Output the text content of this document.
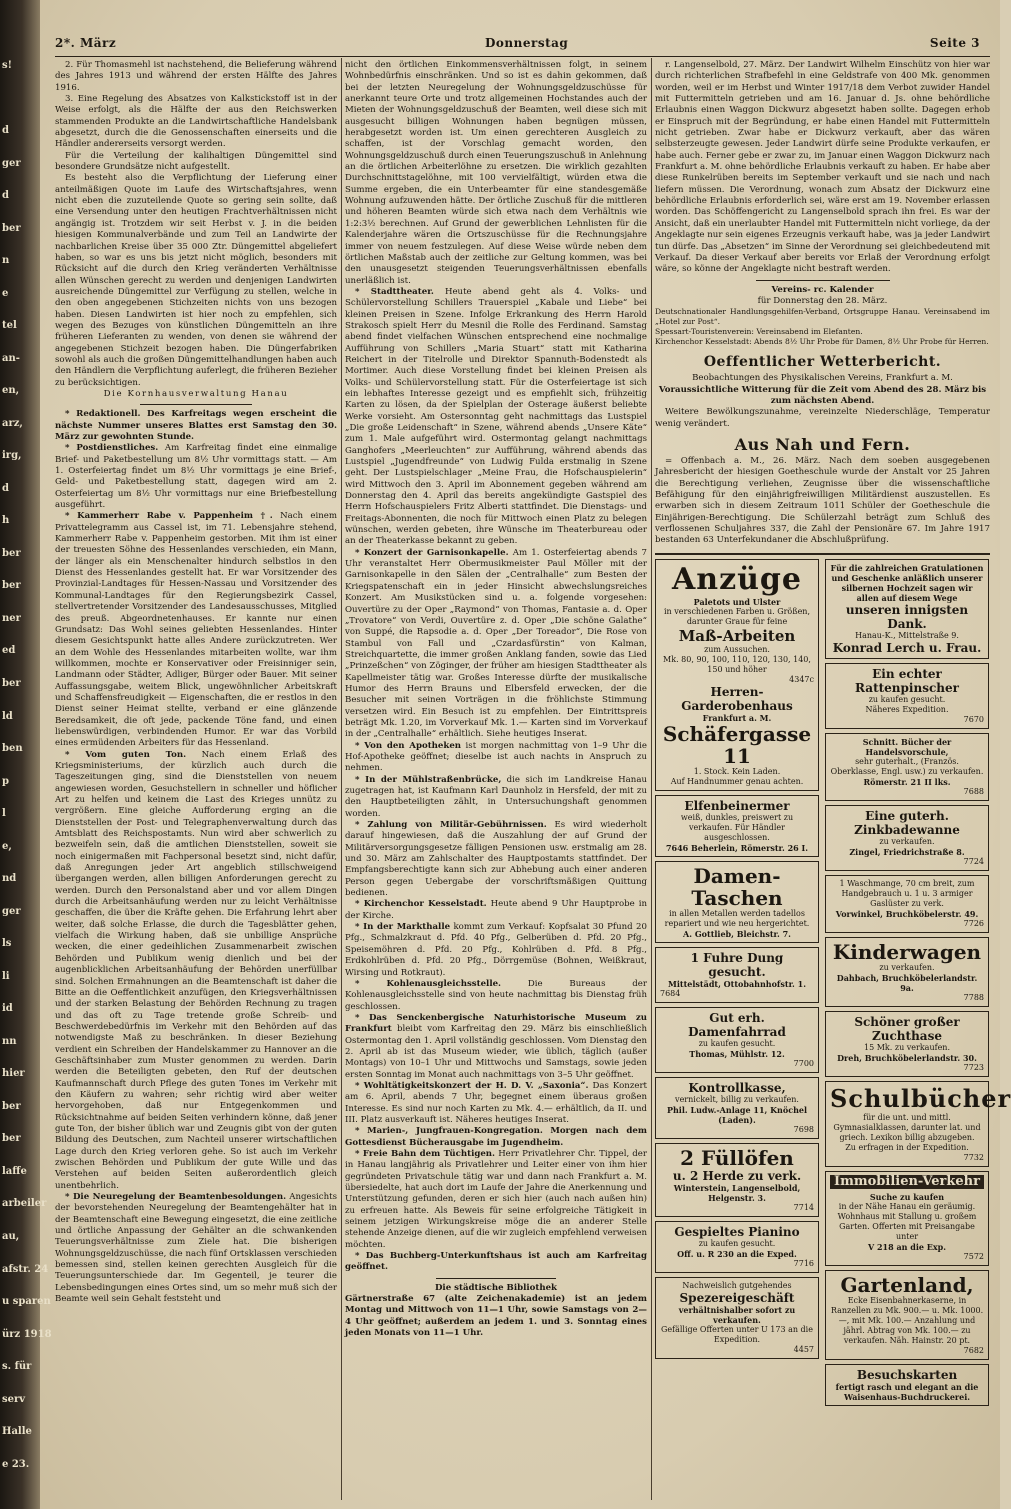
s!
d
ger
d
ber
n
e
tel
an-
en,
arz,
irg,
d
h
ber
ber
ner
ed
ber
ld
ben
p
l
e,
nd
ger
ls
li
id
nn
hier
ber
ber
laffe
arbeiler
au,
afstr. 24
u sparen
ürz 1918
s. für
serv
Halle
e 23.
2*. März	Donnerstag	Seite 3

2. Für Thomasmehl ist nachstehend, die Belieferung während des Jahres 1913 und während der ersten Hälfte des Jahres 1916.

3. Eine Regelung des Absatzes von Kalkstickstoff ist in der Weise erfolgt, als die Hälfte der aus den Reichswerken stammenden Produkte an die Landwirtschaftliche Handelsbank abgesetzt, durch die die Genossenschaften einerseits und die Händler andererseits versorgt werden.

Für die Verteilung der kalihaltigen Düngemittel sind besondere Grundsätze nicht aufgestellt.

Es besteht also die Verpflichtung der Lieferung einer anteilmäßigen Quote im Laufe des Wirtschaftsjahres, wenn nicht eben die zuzuteilende Quote so gering sein sollte, daß eine Versendung unter den heutigen Frachtverhältnissen nicht angängig ist. Trotzdem wir seit Herbst v. J. in die beiden hiesigen Kommunalverbände und zum Teil an Landwirte der nachbarlichen Kreise über 35 000 Ztr. Düngemittel abgeliefert haben, so war es uns bis jetzt nicht möglich, besonders mit Rücksicht auf die durch den Krieg veränderten Verhältnisse allen Wünschen gerecht zu werden und denjenigen Landwirten ausreichende Düngemittel zur Verfügung zu stellen, welche in den oben angegebenen Stichzeiten nichts von uns bezogen haben. Diesen Landwirten ist hier noch zu empfehlen, sich wegen des Bezuges von künstlichen Düngemitteln an ihre früheren Lieferanten zu wenden, von denen sie während der angegebenen Stichzeit bezogen haben. Die Düngerfabriken sowohl als auch die großen Düngemittelhandlungen haben auch den Händlern die Verpflichtung auferlegt, die früheren Bezieher zu berücksichtigen.

Die Kornhausverwaltung Hanau

* Redaktionell. Des Karfreitags wegen erscheint die nächste Nummer unseres Blattes erst Samstag den 30. März zur gewohnten Stunde.

* Postdienstliches. Am Karfreitag findet eine einmalige Brief- und Paketbestellung um 8½ Uhr vormittags statt. — Am 1. Osterfeiertag findet um 8½ Uhr vormittags je eine Brief-, Geld- und Paketbestellung statt, dagegen wird am 2. Osterfeiertag um 8½ Uhr vormittags nur eine Briefbestellung ausgeführt.

* Kammerherr Rabe v. Pappenheim †. Nach einem Privattelegramm aus Cassel ist, im 71. Lebensjahre stehend, Kammerherr Rabe v. Pappenheim gestorben. Mit ihm ist einer der treuesten Söhne des Hessenlandes verschieden, ein Mann, der länger als ein Menschenalter hindurch selbstlos in den Dienst des Hessenlandes gestellt hat. Er war Vorsitzender des Provinzial-Landtages für Hessen-Nassau und Vorsitzender des Kommunal-Landtages für den Regierungsbezirk Cassel, stellvertretender Vorsitzender des Landesausschusses, Mitglied des preuß. Abgeordnetenhauses. Er kannte nur einen Grundsatz: Das Wohl seines geliebten Hessenlandes. Hinter diesem Gesichtspunkt hatte alles Andere zurückzutreten. Wer an dem Wohle des Hessenlandes mitarbeiten wollte, war ihm willkommen, mochte er Konservativer oder Freisinniger sein, Landmann oder Städter, Adliger, Bürger oder Bauer. Mit seiner Auffassungsgabe, weitem Blick, ungewöhnlicher Arbeitskraft und Schaffensfreudigkeit — Eigenschaften, die er restlos in den Dienst seiner Heimat stellte, verband er eine glänzende Beredsamkeit, die oft jede, packende Töne fand, und einen liebenswürdigen, verbindenden Humor. Er war das Vorbild eines ermüdenden Arbeiters für das Hessenland.

* Vom guten Ton. Nach einem Erlaß des Kriegsministeriums, der kürzlich auch durch die Tageszeitungen ging, sind die Dienststellen von neuem angewiesen worden, Gesuchstellern in schneller und höflicher Art zu helfen und keinem die Last des Krieges unnütz zu vergrößern. Eine gleiche Aufforderung erging an die Dienststellen der Post- und Telegraphenverwaltung durch das Amtsblatt des Reichspostamts. Nun wird aber schwerlich zu bezweifeln sein, daß die amtlichen Dienststellen, soweit sie noch einigermaßen mit Fachpersonal besetzt sind, nicht dafür, daß Anregungen jeder Art angeblich stillschweigend übergangen werden, allen billigen Anforderungen gerecht zu werden. Durch den Personalstand aber und vor allem Dingen durch die Arbeitsanhäufung werden nur zu leicht Verhältnisse geschaffen, die über die Kräfte gehen. Die Erfahrung lehrt aber weiter, daß solche Erlasse, die durch die Tagesblätter gehen, vielfach die Wirkung haben, daß sie unbillige Ansprüche wecken, die einer gedeihlichen Zusammenarbeit zwischen Behörden und Publikum wenig dienlich und bei der augenblicklichen Arbeitsanhäufung der Behörden unerfüllbar sind. Solchen Ermahnungen an die Beamtenschaft ist daher die Bitte an die Oeffentlichkeit anzufügen, den Kriegsverhältnissen und der starken Belastung der Behörden Rechnung zu tragen und das oft zu Tage tretende große Schreib- und Beschwerdebedürfnis im Verkehr mit den Behörden auf das notwendigste Maß zu beschränken. In dieser Beziehung verdient ein Schreiben der Handelskammer zu Hannover an die Geschäftsinhaber zum Muster genommen zu werden. Darin werden die Beteiligten gebeten, den Ruf der deutschen Kaufmannschaft durch Pflege des guten Tones im Verkehr mit den Käufern zu wahren; sehr richtig wird aber weiter hervorgehoben, daß nur Entgegenkommen und Rücksichtnahme auf beiden Seiten verhindern könne, daß jener gute Ton, der bisher üblich war und Zeugnis gibt von der guten Bildung des Deutschen, zum Nachteil unserer wirtschaftlichen Lage durch den Krieg verloren gehe. So ist auch im Verkehr zwischen Behörden und Publikum der gute Wille und das Verstehen auf beiden Seiten außerordentlich gleich unentbehrlich.

* Die Neuregelung der Beamtenbesoldungen. Angesichts der bevorstehenden Neuregelung der Beamtengehälter hat in der Beamtenschaft eine Bewegung eingesetzt, die eine zeitliche und örtliche Anpassung der Gehälter an die schwankenden Teuerungsverhältnisse zum Ziele hat. Die bisherigen Wohnungsgeldzuschüsse, die nach fünf Ortsklassen verschieden bemessen sind, stellen keinen gerechten Ausgleich für die Teuerungsunterschiede dar. Im Gegenteil, je teurer die Lebensbedingungen eines Ortes sind, um so mehr muß sich der Beamte weil sein Gehalt feststeht und

nicht den örtlichen Einkommensverhältnissen folgt, in seinem Wohnbedürfnis einschränken. Und so ist es dahin gekommen, daß bei der letzten Neuregelung der Wohnungsgeldzuschüsse für anerkannt teure Orte und trotz allgemeinen Hochstandes auch der Mieten der Wohnungsgeldzuschuß der Beamten, weil diese sich mit ausgesucht billigen Wohnungen haben begnügen müssen, herabgesetzt worden ist. Um einen gerechteren Ausgleich zu schaffen, ist der Vorschlag gemacht worden, den Wohnungsgeldzuschuß durch einen Teuerungszuschuß in Anlehnung an die örtlichen Arbeiterlöhne zu ersetzen. Die wirklich gezahlten Durchschnittstagelöhne, mit 100 vervielfältigt, würden etwa die Summe ergeben, die ein Unterbeamter für eine standesgemäße Wohnung aufzuwenden hätte. Der örtliche Zuschuß für die mittleren und höheren Beamten würde sich etwa nach dem Verhältnis wie 1:2:3½ berechnen. Auf Grund der gewerblichen Lehnlisten für die Kalenderjahre wären die Ortszuschüsse für die Rechnungsjahre immer von neuem festzulegen. Auf diese Weise würde neben dem örtlichen Maßstab auch der zeitliche zur Geltung kommen, was bei den unausgesetzt steigenden Teuerungsverhältnissen ebenfalls unerläßlich ist.

* Stadttheater. Heute abend geht als 4. Volks- und Schülervorstellung Schillers Trauerspiel „Kabale und Liebe“ bei kleinen Preisen in Szene. Infolge Erkrankung des Herrn Harold Strakosch spielt Herr du Mesnil die Rolle des Ferdinand. Samstag abend findet vielfachen Wünschen entsprechend eine nochmalige Aufführung von Schillers „Maria Stuart“ statt mit Katharina Reichert in der Titelrolle und Direktor Spannuth-Bodenstedt als Mortimer. Auch diese Vorstellung findet bei kleinen Preisen als Volks- und Schülervorstellung statt. Für die Osterfeiertage ist sich ein lebhaftes Interesse gezeigt und es empfiehlt sich, frühzeitig Karten zu lösen, da der Spielplan der Osterage äußerst beliebte Werke vorsieht. Am Ostersonntag geht nachmittags das Lustspiel „Die große Leidenschaft“ in Szene, während abends „Unsere Käte“ zum 1. Male aufgeführt wird. Ostermontag gelangt nachmittags Ganghofers „Meerleuchten“ zur Aufführung, während abends das Lustspiel „Jugendfreunde“ von Ludwig Fulda erstmalig in Szene geht. Der Lustspielschlager „Meine Frau, die Hofschauspielerin“ wird Mittwoch den 3. April im Abonnement gegeben während am Donnerstag den 4. April das bereits angekündigte Gastspiel des Herrn Hofschauspielers Fritz Alberti stattfindet. Die Dienstags- und Freitags-Abonnenten, die noch für Mittwoch einen Platz zu belegen wünschen, werden gebeten, ihre Wünsche im Theaterbureau oder an der Theaterkasse bekannt zu geben.

* Konzert der Garnisonkapelle. Am 1. Osterfeiertag abends 7 Uhr veranstaltet Herr Obermusikmeister Paul Möller mit der Garnisonkapelle in den Sälen der „Centralhalle“ zum Besten der Kriegspatenschaft ein in jeder Hinsicht abwechslungsreiches Konzert. Am Musikstücken sind u. a. folgende vorgesehen: Ouvertüre zu der Oper „Raymond“ von Thomas, Fantasie a. d. Oper „Trovatore“ von Verdi, Ouvertüre z. d. Oper „Die schöne Galathe“ von Suppé, die Rapsodie a. d. Oper „Der Toreador“, Die Rose von Stambul von Fall und „Czardasfürstin“ von Kalman, Streichquartette, die immer großen Anklang fanden, sowie das Lied „Prinzeßchen“ von Zöginger, der früher am hiesigen Stadttheater als Kapellmeister tätig war. Großes Interesse dürfte der musikalische Humor des Herrn Brauns und Elbersfeld erwecken, der die Besucher mit seinen Vorträgen in die fröhlichste Stimmung versetzen wird. Ein Besuch ist zu empfehlen. Der Eintrittspreis beträgt Mk. 1.20, im Vorverkauf Mk. 1.— Karten sind im Vorverkauf in der „Centralhalle“ erhältlich. Siehe heutiges Inserat.

* Von den Apotheken ist morgen nachmittag von 1–9 Uhr die Hof-Apotheke geöffnet; dieselbe ist auch nachts in Anspruch zu nehmen.

* In der Mühlstraßenbrücke, die sich im Landkreise Hanau zugetragen hat, ist Kaufmann Karl Daunholz in Hersfeld, der mit zu den Hauptbeteiligten zählt, in Untersuchungshaft genommen worden.

* Zahlung von Militär-Gebührnissen. Es wird wiederholt darauf hingewiesen, daß die Auszahlung der auf Grund der Militärversorgungsgesetze fälligen Pensionen usw. erstmalig am 28. und 30. März am Zahlschalter des Hauptpostamts stattfindet. Der Empfangsberechtigte kann sich zur Abhebung auch einer anderen Person gegen Uebergabe der vorschriftsmäßigen Quittung bedienen.

* Kirchenchor Kesselstadt. Heute abend 9 Uhr Hauptprobe in der Kirche.

* In der Markthalle kommt zum Verkauf: Kopfsalat 30 Pfund 20 Pfg., Schmalzkraut d. Pfd. 40 Pfg., Gelberüben d. Pfd. 20 Pfg., Speisemöhren d. Pfd. 20 Pfg., Kohlrüben d. Pfd. 8 Pfg., Erdkohlrüben d. Pfd. 20 Pfg., Dörrgemüse (Bohnen, Weißkraut, Wirsing und Rotkraut).

* Kohlenausgleichsstelle.	Die Bureaus der Kohlenausgleichsstelle sind von heute nachmittag bis Dienstag früh geschlossen.

* Das Senckenbergische Naturhistorische Museum zu Frankfurt bleibt vom Karfreitag den 29. März bis einschließlich Ostermontag den 1. April vollständig geschlossen. Vom Dienstag den 2. April ab ist das Museum wieder, wie üblich, täglich (außer Montags) von 10–1 Uhr und Mittwochs und Samstags, sowie jeden ersten Sonntag im Monat auch nachmittags von 3–5 Uhr geöffnet.

* Wohltätigkeitskonzert der H. D. V. „Saxonia“. Das Konzert am 6. April, abends 7 Uhr, begegnet einem überaus großen Interesse. Es sind nur noch Karten zu Mk. 4.— erhältlich, da II. und III. Platz ausverkauft ist. Näheres heutiges Inserat.

* Marien-, Jungfrauen-Kongregation. Morgen nach dem Gottesdienst Bücherausgabe im Jugendheim.

* Freie Bahn dem Tüchtigen. Herr Privatlehrer Chr. Tippel, der in Hanau langjährig als Privatlehrer und Leiter einer von ihm hier gegründeten Privatschule tätig war und dann nach Frankfurt a. M. übersiedelte, hat auch dort im Laufe der Jahre die Anerkennung und Unterstützung gefunden, deren er sich hier (auch nach außen hin) zu erfreuen hatte. Als Beweis für seine erfolgreiche Tätigkeit in seinem jetzigen Wirkungskreise möge die an anderer Stelle stehende Anzeige dienen, auf die wir zugleich empfehlend verweisen möchten.

* Das Buchberg-Unterkunftshaus ist auch am Karfreitag geöffnet.

Die städtische Bibliothek

Gärtnerstraße 67 (alte Zeichenakademie) ist an jedem Montag und Mittwoch von 11—1 Uhr, sowie Samstags von 2—4 Uhr geöffnet; außerdem an jedem 1. und 3. Sonntag eines jeden Monats von 11—1 Uhr.

r. Langenselbold, 27. März. Der Landwirt Wilhelm Einschütz von hier war durch richterlichen Strafbefehl in eine Geldstrafe von 400 Mk. genommen worden, weil er im Herbst und Winter 1917/18 dem Verbot zuwider Handel mit Futtermitteln getrieben und am 16. Januar d. Js. ohne behördliche Erlaubnis einen Waggon Dickwurz abgesetzt haben sollte. Dagegen erhob er Einspruch mit der Begründung, er habe einen Handel mit Futtermitteln nicht getrieben. Zwar habe er Dickwurz verkauft, aber das wären selbsterzeugte gewesen. Jeder Landwirt dürfe seine Produkte verkaufen, er habe auch. Ferner gebe er zwar zu, im Januar einen Waggon Dickwurz nach Frankfurt a. M. ohne behördliche Erlaubnis verkauft zu haben. Er habe aber diese Runkelrüben bereits im September verkauft und sie nach und nach liefern müssen. Die Verordnung, wonach zum Absatz der Dickwurz eine behördliche Erlaubnis erforderlich sei, wäre erst am 19. November erlassen worden. Das Schöffengericht zu Langenselbold sprach ihn frei. Es war der Ansicht, daß ein unerlaubter Handel mit Futtermitteln nicht vorliege, da der Angeklagte nur sein eigenes Erzeugnis verkauft habe, was ja jeder Landwirt tun dürfe. Das „Absetzen“ im Sinne der Verordnung sei gleichbedeutend mit Verkauf. Da dieser Verkauf aber bereits vor Erlaß der Verordnung erfolgt wäre, so könne der Angeklagte nicht bestraft werden.

Vereins- rc. Kalender

für Donnerstag den 28. März.

Deutschnationaler Handlungsgehilfen-Verband, Ortsgruppe Hanau. Vereinsabend im „Hotel zur Post“.

Spessart-Touristenverein: Vereinsabend im Elefanten.

Kirchenchor Kesselstadt: Abends 8½ Uhr Probe für Damen, 8½ Uhr Probe für Herren.

Oeffentlicher Wetterbericht.

Beobachtungen des Physikalischen Vereins, Frankfurt a. M.

Voraussichtliche Witterung für die Zeit vom Abend des 28. März bis zum nächsten Abend.

Weitere Bewölkungszunahme, vereinzelte Niederschläge, Temperatur wenig verändert.

Aus Nah und Fern.

= Offenbach a. M., 26. März. Nach dem soeben ausgegebenen Jahresbericht der hiesigen Goetheschule wurde der Anstalt vor 25 Jahren die Berechtigung verliehen, Zeugnisse über die wissenschaftliche Befähigung für den einjährigfreiwilligen Militärdienst auszustellen. Es erwarben sich in diesem Zeitraum 1011 Schüler der Goetheschule die Einjährigen-Berechtigung. Die Schülerzahl beträgt zum Schluß des verflossenen Schuljahres 337, die Zahl der Pensionäre 67. Im Jahre 1917 bestanden 63 Unterfekundaner die Abschlußprüfung.

Anzüge
Paletots und Ulster
in verschiedenen Farben u. Größen, darunter Graue für feine
Maß-Arbeiten
zum Aussuchen.
Mk. 80, 90, 100, 110, 120, 130, 140, 150 und höher
4347c
Herren-Garderobenhaus
Frankfurt a. M.
Schäfergasse 11
1. Stock. Kein Laden.
Auf Handnummer genau achten.
Elfenbeinermer
weiß, dunkles, preiswert zu verkaufen. Für Händler ausgeschlossen.
7646 Beherlein, Römerstr. 26 I.
Damen-Taschen
in allen Metallen werden tadellos repariert und wie neu hergerichtet.
A. Gottlieb, Bleichstr. 7.
1 Fuhre Dung gesucht.
Mittelstädt, Ottobahnhofstr. 1.
7684
Gut erh. Damenfahrrad
zu kaufen gesucht.
Thomas, Mühlstr. 12.
7700
Kontrollkasse,
vernickelt, billig zu verkaufen.
Phil. Ludw.-Anlage 11, Knöchel (Laden).
7698
2 Füllöfen
u. 2 Herde zu verk.
Winterstein, Langenselbold, Helgenstr. 3.
7714
Gespieltes Pianino
zu kaufen gesucht.
Off. u. R 230 an die Exped.
7716
Nachweislich gutgehendes
Spezereigeschäft
verhältnishalber sofort zu verkaufen.
Gefällige Offerten unter U 173 an die Expedition.
4457
Für die zahlreichen Gratulationen und Geschenke anläßlich unserer silbernen Hochzeit sagen wir allen auf diesem Wege
unseren innigsten Dank.
Hanau-K., Mittelstraße 9.
Konrad Lerch u. Frau.
Ein echter Rattenpinscher
zu kaufen gesucht.
Näheres Expedition.
7670
Schnitt. Bücher der Handelsvorschule,
sehr guterhalt., (Französ. Oberklasse, Engl. usw.) zu verkaufen.
Römerstr. 21 II lks.
7688
Eine guterh. Zinkbadewanne
zu verkaufen.
Zingel, Friedrichstraße 8.
7724
1 Waschmange, 70 cm breit, zum Handgebrauch u. 1 u. 3 armiger Gaslüster zu verk.
Vorwinkel, Bruchköbelerstr. 49.
7726
Kinderwagen
zu verkaufen.
Dahbach, Bruchköbelerlandstr. 9a.
7788
Schöner großer Zuchthase
15 Mk. zu verkaufen.
Dreh, Bruchköbelerlandstr. 30.
7723
Schulbücher
für die unt. und mittl. Gymnasialklassen, darunter lat. und griech. Lexikon billig abzugeben.
Zu erfragen in der Expedition.
7732
Immobilien-Verkehr
Suche zu kaufen
in der Nähe Hanau ein geräumig. Wohnhaus mit Stallung u. großem Garten. Offerten mit Preisangabe unter
V 218 an die Exp.
7572
Gartenland,
Ecke Eisenbahnerkaserne, in Ranzellen zu Mk. 900.— u. Mk. 1000.—, mit Mk. 100.— Anzahlung und jährl. Abtrag von Mk. 100.— zu verkaufen. Näh. Hainstr. 20 pt.
7682
Besuchskarten
fertigt rasch und elegant an die Waisenhaus-Buchdruckerei.
